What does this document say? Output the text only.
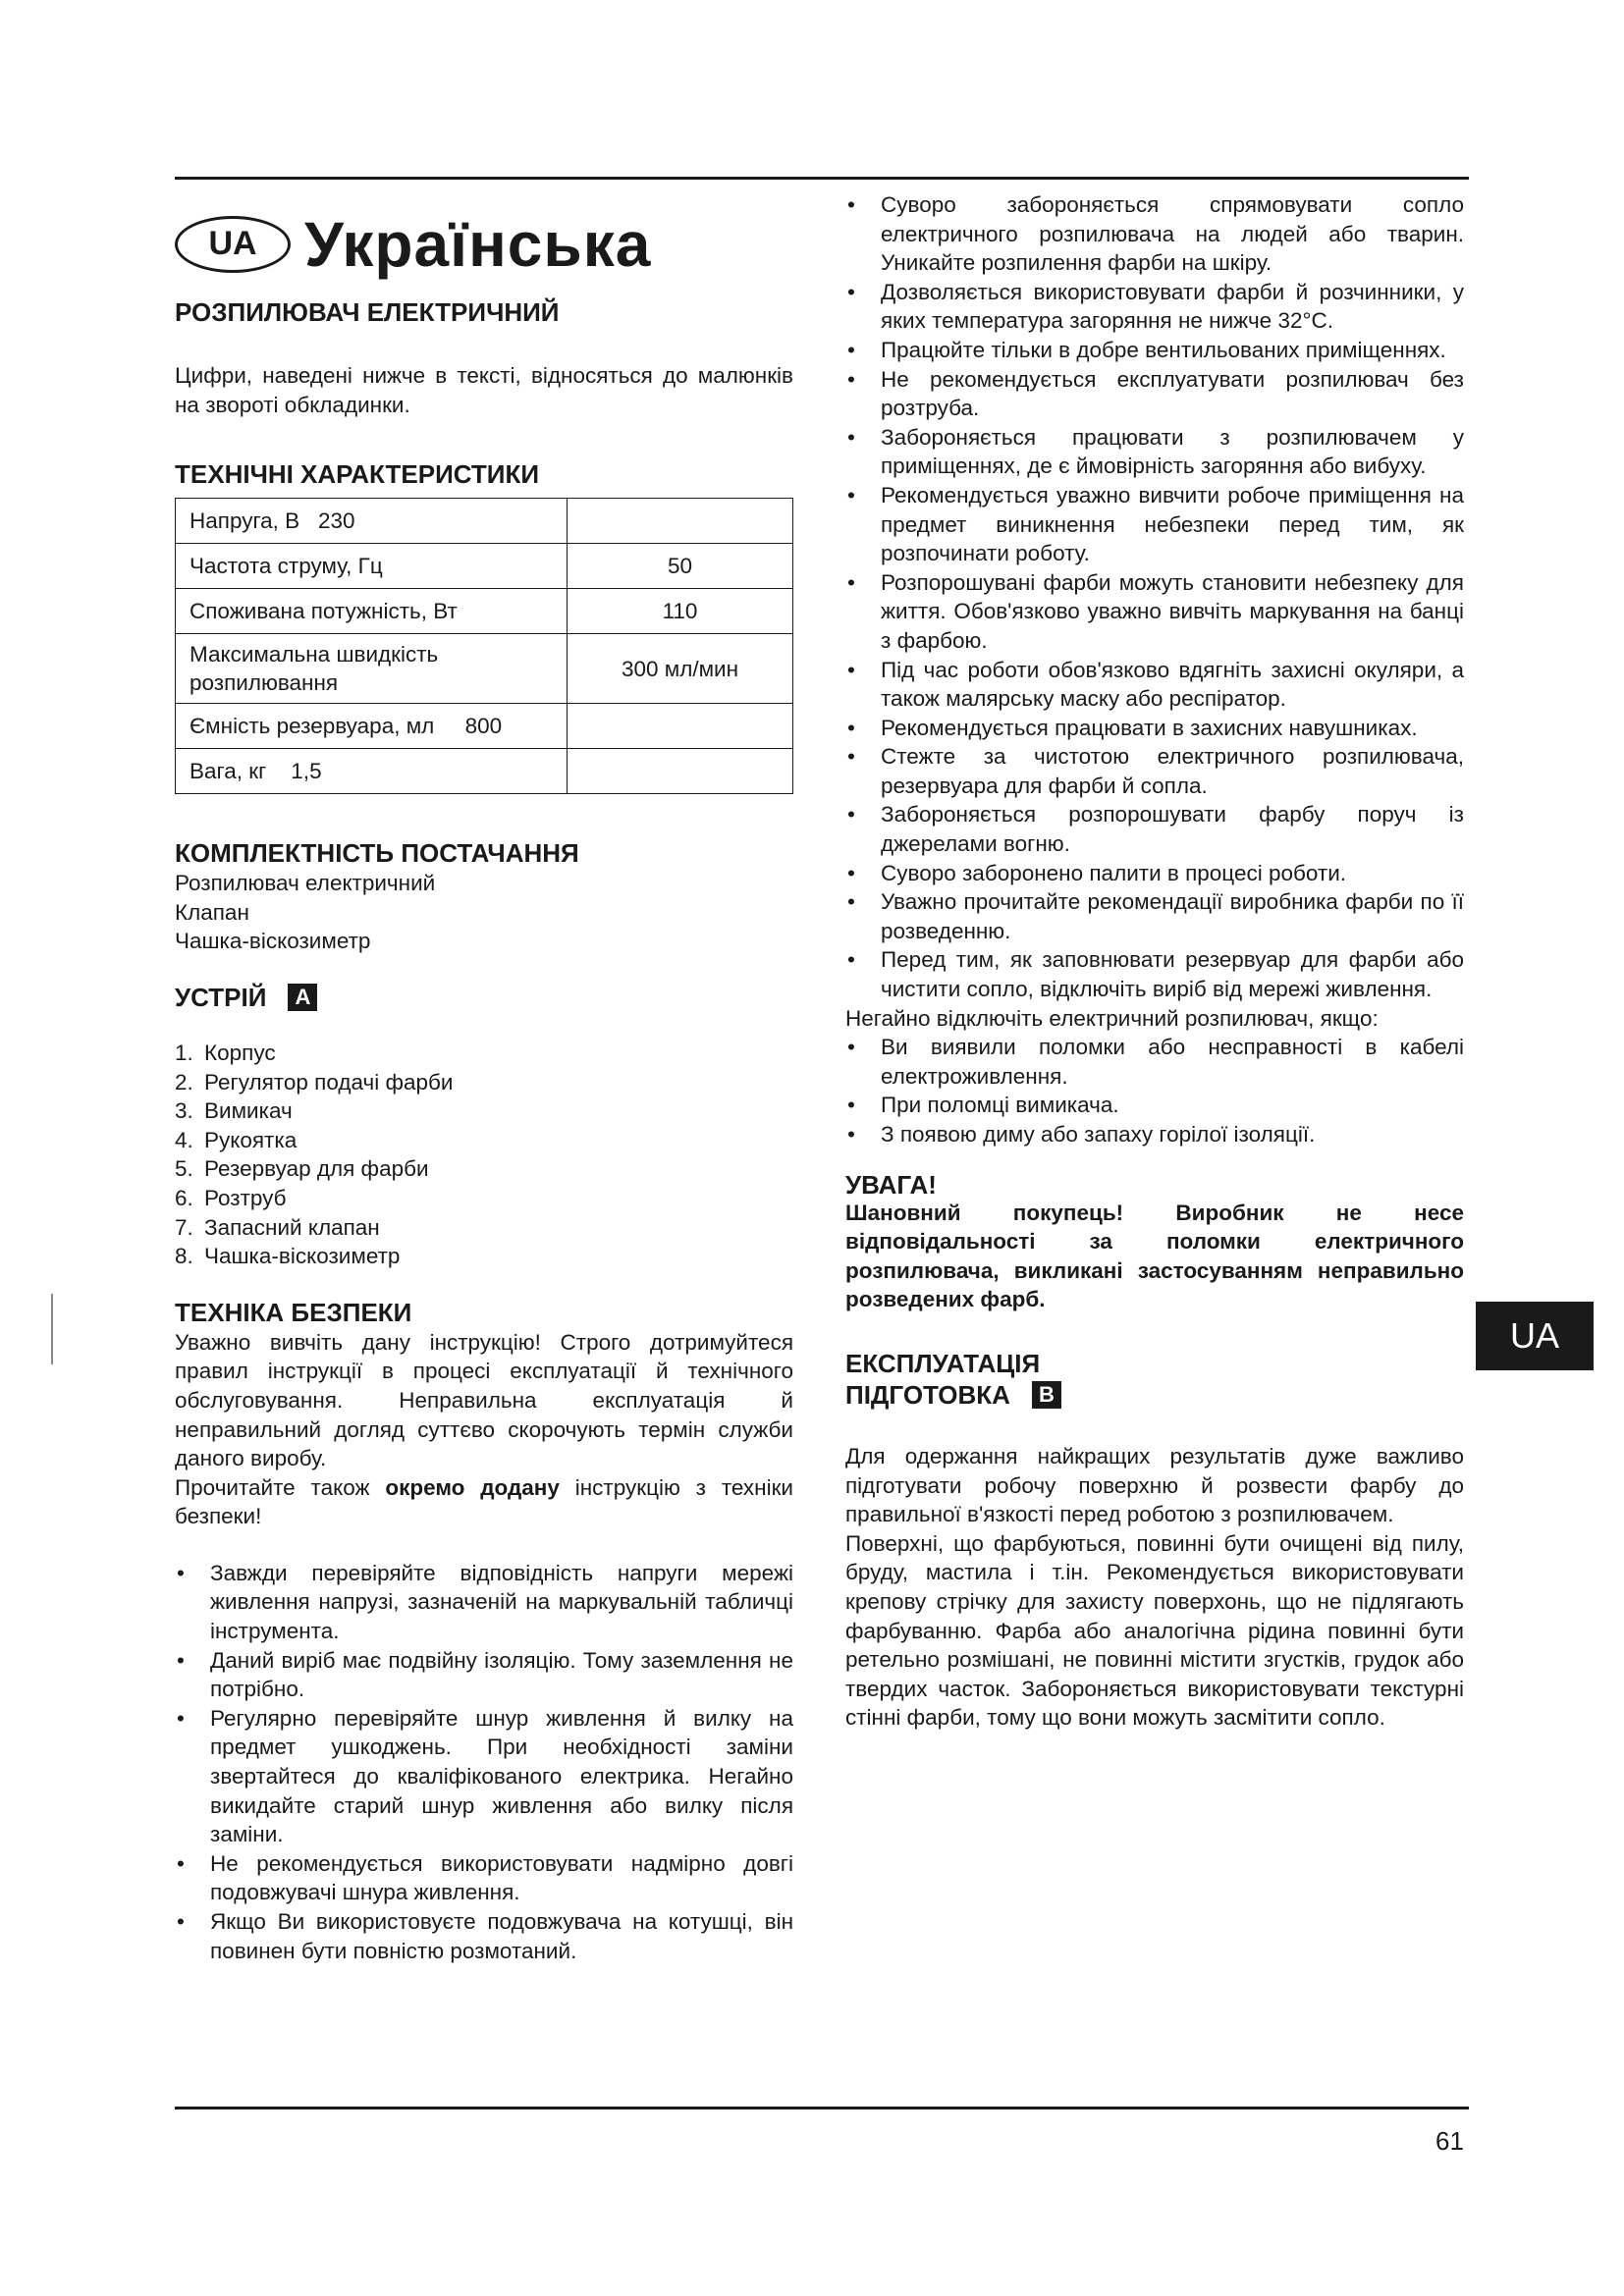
UA Українська
РОЗПИЛЮВАЧ ЕЛЕКТРИЧНИЙ

Цифри, наведені нижче в тексті, відносяться до малюнків на звороті обкладинки.

ТЕХНІЧНІ ХАРАКТЕРИСТИКИ
Напруга, В   230	
Частота струму, Гц	50
Споживана потужність, Вт	110
Максимальна швидкість розпилювання	300 мл/мин
Ємність резервуара, мл     800	
Вага, кг    1,5	
КОМПЛЕКТНІСТЬ ПОСТАЧАННЯ
Розпилювач електричний
Клапан
Чашка-віскозиметр
УСТРІЙ A
1. Корпус
2. Регулятор подачі фарби
3. Вимикач
4. Рукоятка
5. Резервуар для фарби
6. Розтруб
7. Запасний клапан
8. Чашка-віскозиметр
ТЕХНІКА БЕЗПЕКИ

Уважно вивчіть дану інструкцію! Строго дотримуйтеся правил інструкції в процесі експлуатації й технічного обслуговування. Неправильна експлуатація й неправильний догляд суттєво скорочують термін служби даного виробу.

Прочитайте також окремо додану інструкцію з техніки безпеки!

• Завжди перевіряйте відповідність напруги мережі живлення напрузі, зазначеній на маркувальній табличці інструмента.
• Даний виріб має подвійну ізоляцію. Тому заземлення не потрібно.
• Регулярно перевіряйте шнур живлення й вилку на предмет ушкоджень. При необхідності заміни звертайтеся до кваліфікованого електрика. Негайно викидайте старий шнур живлення або вилку після заміни.
• Не рекомендується використовувати надмірно довгі подовжувачі шнура живлення.
• Якщо Ви використовуєте подовжувача на котушці, він повинен бути повністю розмотаний.
• Суворо забороняється спрямовувати сопло електричного розпилювача на людей або тварин. Уникайте розпилення фарби на шкіру.
• Дозволяється використовувати фарби й розчинники, у яких температура загоряння не нижче 32°С.
• Працюйте тільки в добре вентильованих приміщеннях.
• Не рекомендується експлуатувати розпилювач без розтруба.
• Забороняється працювати з розпилювачем у приміщеннях, де є ймовірність загоряння або вибуху.
• Рекомендується уважно вивчити робоче приміщення на предмет виникнення небезпеки перед тим, як розпочинати роботу.
• Розпорошувані фарби можуть становити небезпеку для життя. Обов'язково уважно вивчіть маркування на банці з фарбою.
• Під час роботи обов'язково вдягніть захисні окуляри, а також малярську маску або респіратор.
• Рекомендується працювати в захисних навушниках.
• Стежте за чистотою електричного розпилювача, резервуара для фарби й сопла.
• Забороняється розпорошувати фарбу поруч із джерелами вогню.
• Суворо заборонено палити в процесі роботи.
• Уважно прочитайте рекомендації виробника фарби по її розведенню.
• Перед тим, як заповнювати резервуар для фарби або чистити сопло, відключіть виріб від мережі живлення.

Негайно відключіть електричний розпилювач, якщо:

• Ви виявили поломки або несправності в кабелі електроживлення.
• При поломці вимикача.
• З появою диму або запаху горілої ізоляції.
УВАГА!

Шановний покупець! Виробник не несе відповідальності за поломки електричного розпилювача, викликані застосуванням неправильно розведених фарб.

ЕКСПЛУАТАЦІЯ
ПІДГОТОВКА B

Для одержання найкращих результатів дуже важливо підготувати робочу поверхню й розвести фарбу до правильної в'язкості перед роботою з розпилювачем.

Поверхні, що фарбуються, повинні бути очищені від пилу, бруду, мастила і т.ін. Рекомендується використовувати крепову стрічку для захисту поверхонь, що не підлягають фарбуванню. Фарба або аналогічна рідина повинні бути ретельно розмішані, не повинні містити згустків, грудок або твердих часток. Забороняється використовувати текстурні стінні фарби, тому що вони можуть засмітити сопло.

UA
61
